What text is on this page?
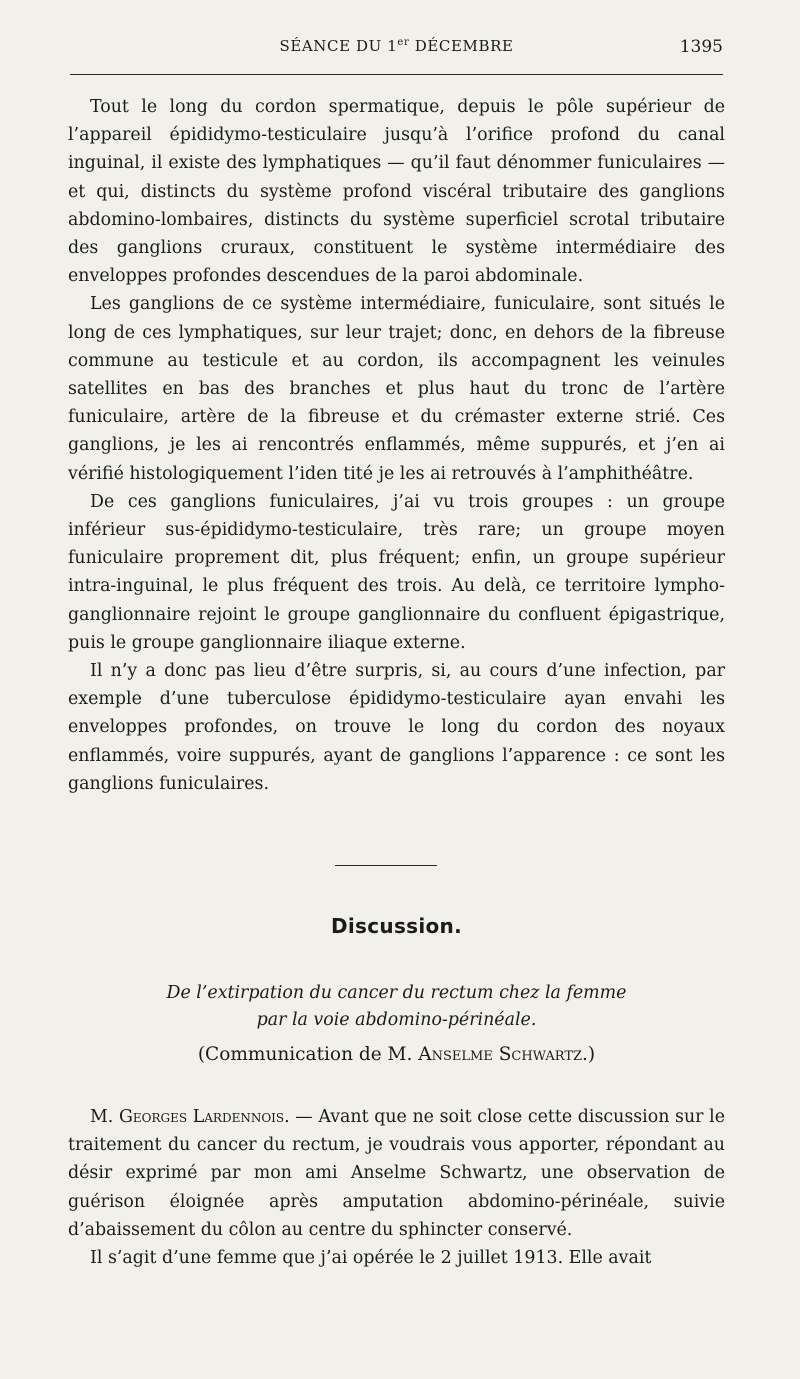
SÉANCE DU 1er DÉCEMBRE	1395

Tout le long du cordon spermatique, depuis le pôle supérieur de l’appareil épididymo-testiculaire jusqu’à l’orifice profond du canal inguinal, il existe des lymphatiques — qu’il faut dénommer funiculaires — et qui, distincts du système profond viscéral tributaire des ganglions abdomino-lombaires, distincts du système superficiel scrotal tributaire des ganglions cruraux, constituent le système intermédiaire des enveloppes profondes descendues de la paroi abdominale.

Les ganglions de ce système intermédiaire, funiculaire, sont situés le long de ces lymphatiques, sur leur trajet; donc, en dehors de la fibreuse commune au testicule et au cordon, ils accompagnent les veinules satellites en bas des branches et plus haut du tronc de l’artère funiculaire, artère de la fibreuse et du crémaster externe strié. Ces ganglions, je les ai rencontrés enflammés, même suppurés, et j’en ai vérifié histologiquement l’iden tité je les ai retrouvés à l’amphithéâtre.

De ces ganglions funiculaires, j’ai vu trois groupes : un groupe inférieur sus-épididymo-testiculaire, très rare; un groupe moyen funiculaire proprement dit, plus fréquent; enfin, un groupe supérieur intra-inguinal, le plus fréquent des trois. Au delà, ce territoire lympho-ganglionnaire rejoint le groupe ganglionnaire du confluent épigastrique, puis le groupe ganglionnaire iliaque externe.

Il n’y a donc pas lieu d’être surpris, si, au cours d’une infection, par exemple d’une tuberculose épididymo-testiculaire ayan envahi les enveloppes profondes, on trouve le long du cordon des noyaux enflammés, voire suppurés, ayant de ganglions l’apparence : ce sont les ganglions funiculaires.

Discussion.
De l’extirpation du cancer du rectum chez la femme
par la voie abdomino-périnéale.
(Communication de M. Anselme Schwartz.)

M. Georges Lardennois. — Avant que ne soit close cette discussion sur le traitement du cancer du rectum, je voudrais vous apporter, répondant au désir exprimé par mon ami Anselme Schwartz, une observation de guérison éloignée après amputation abdomino-périnéale, suivie d’abaissement du côlon au centre du sphincter conservé.

Il s’agit d’une femme que j’ai opérée le 2 juillet 1913. Elle avait
